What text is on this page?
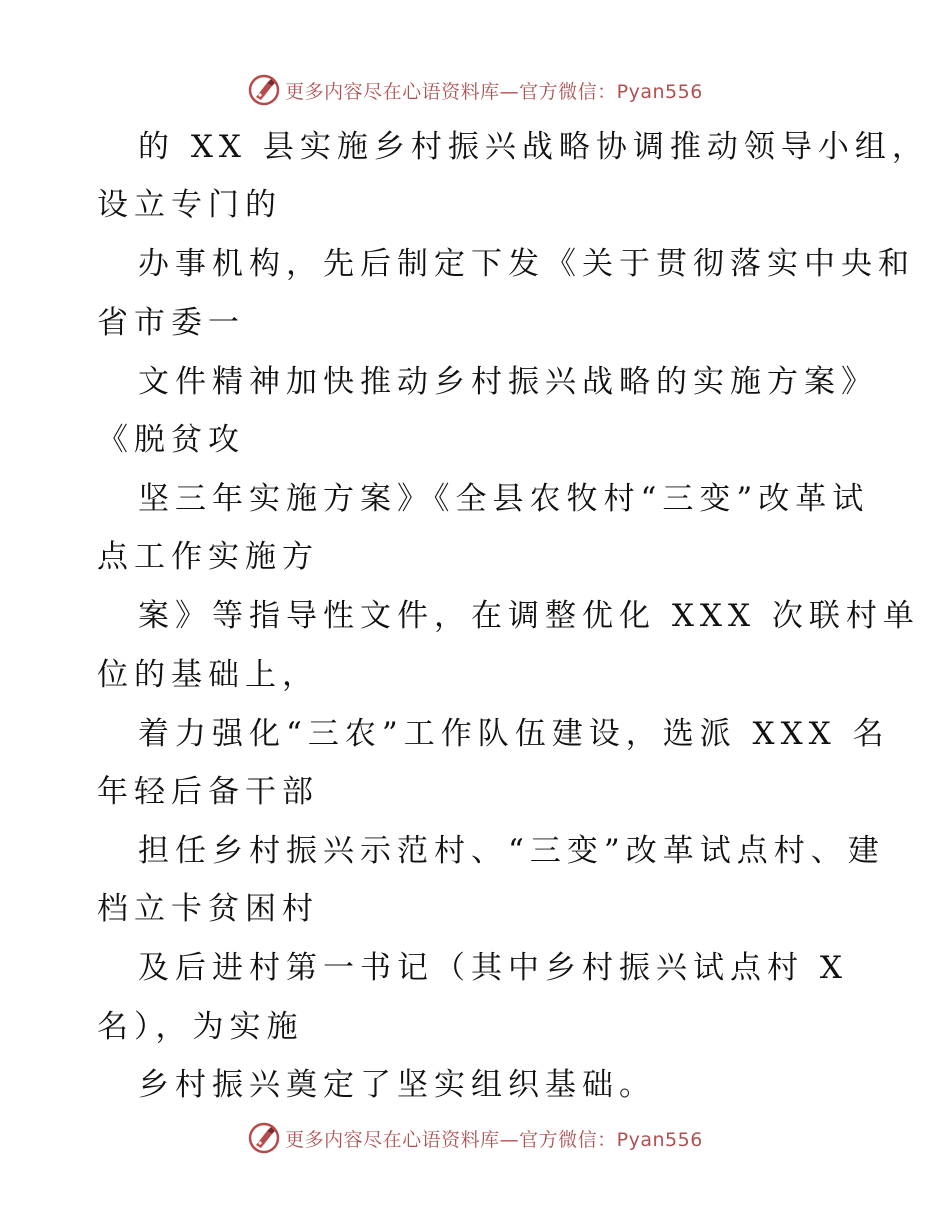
更多内容尽在心语资料库—官方微信：Pyan556
的 XX 县实施乡村振兴战略协调推动领导小组，
设立专门的
办事机构，先后制定下发《关于贯彻落实中央和
省市委一
文件精神加快推动乡村振兴战略的实施方案》
《脱贫攻
坚三年实施方案》《全县农牧村“三变”改革试
点工作实施方
案》等指导性文件，在调整优化 XXX 次联村单
位的基础上，
着力强化“三农”工作队伍建设，选派 XXX 名
年轻后备干部
担任乡村振兴示范村、“三变”改革试点村、建
档立卡贫困村
及后进村第一书记（其中乡村振兴试点村 X
名），为实施
乡村振兴奠定了坚实组织基础。
更多内容尽在心语资料库—官方微信：Pyan556
